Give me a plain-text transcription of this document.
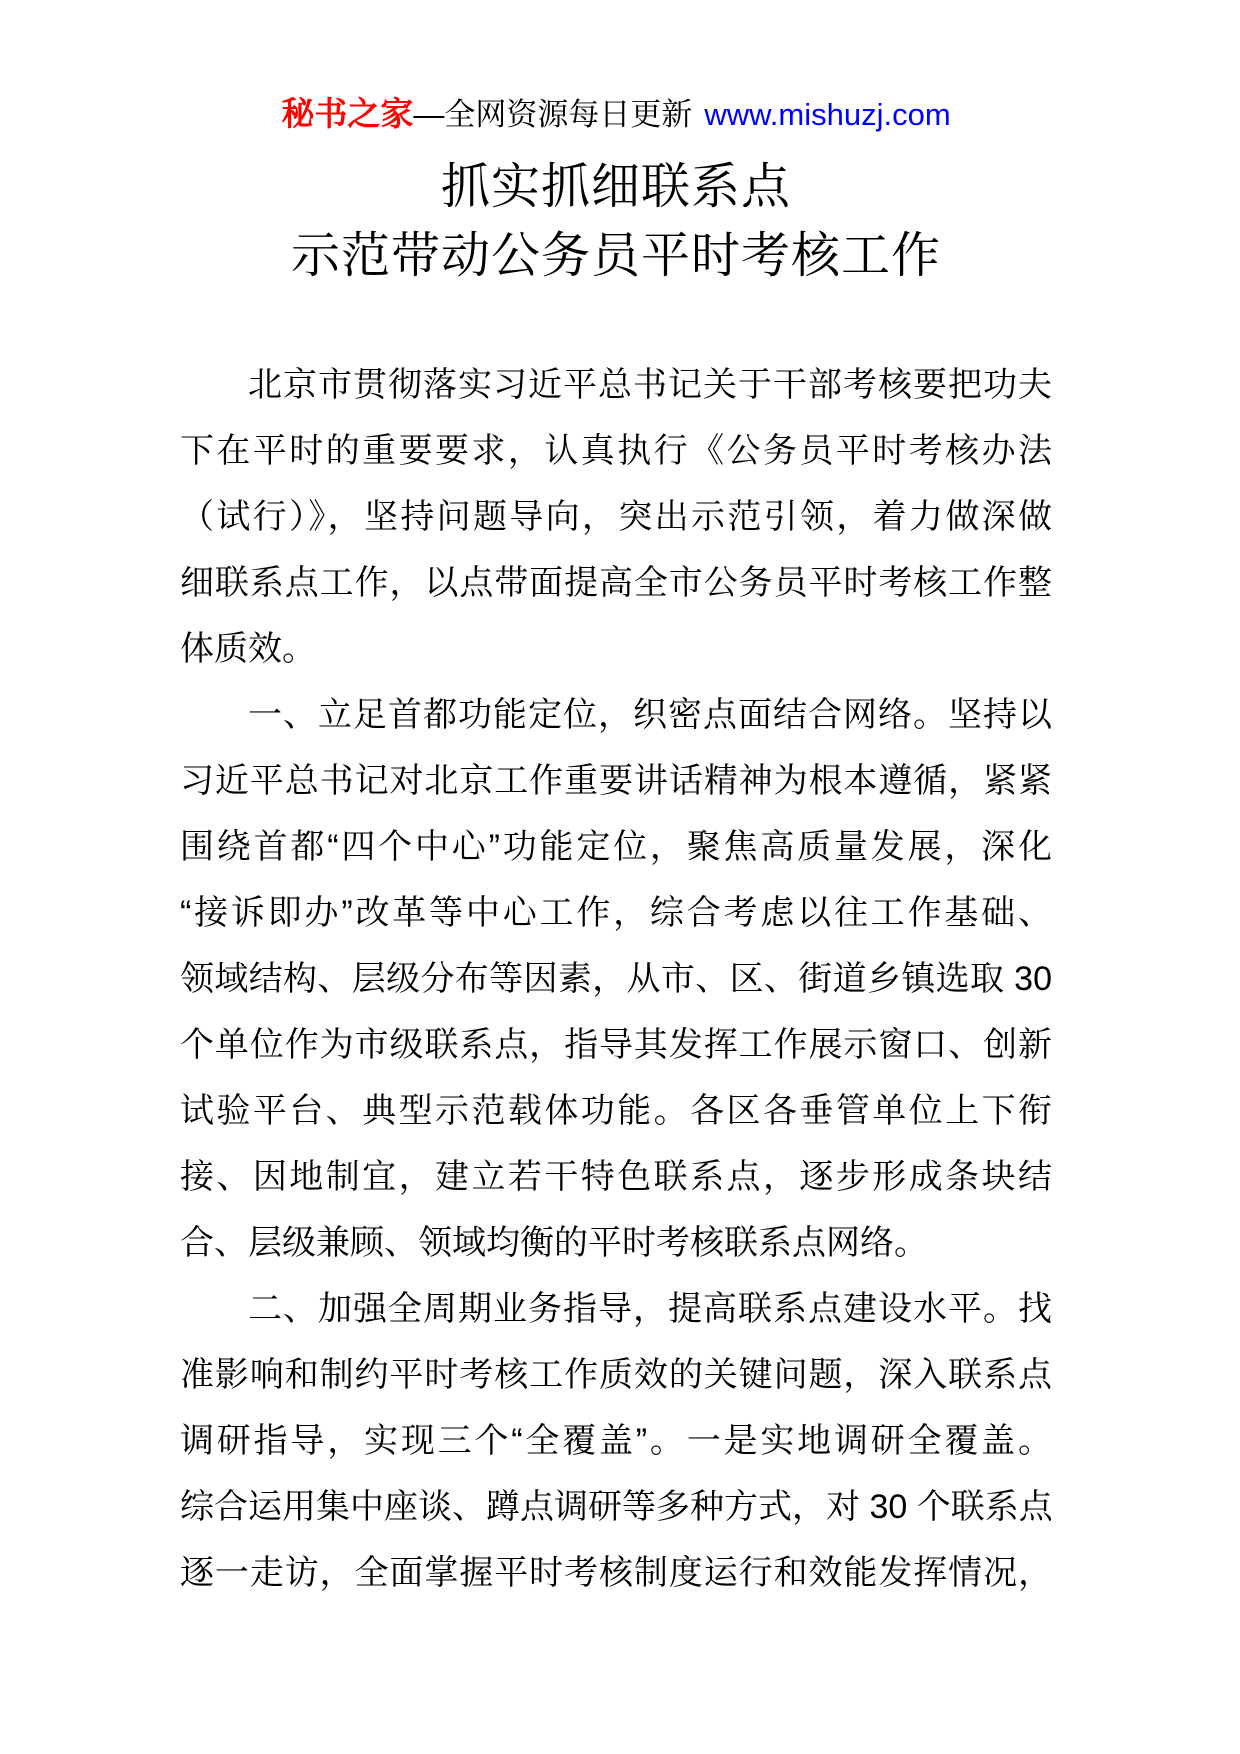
秘书之家—全网资源每日更新 www.mishuzj.com
抓实抓细联系点
示范带动公务员平时考核工作
北京市贯彻落实习近平总书记关于干部考核要把功夫
下在平时的重要要求，认真执行《公务员平时考核办法
（试行）》，坚持问题导向，突出示范引领，着力做深做
细联系点工作，以点带面提高全市公务员平时考核工作整
体质效。
一、立足首都功能定位，织密点面结合网络。坚持以
习近平总书记对北京工作重要讲话精神为根本遵循，紧紧
围绕首都“四个中心”功能定位，聚焦高质量发展，深化
“接诉即办”改革等中心工作，综合考虑以往工作基础、
领域结构、层级分布等因素，从市、区、街道乡镇选取 30
个单位作为市级联系点，指导其发挥工作展示窗口、创新
试验平台、典型示范载体功能。各区各垂管单位上下衔
接、因地制宜，建立若干特色联系点，逐步形成条块结
合、层级兼顾、领域均衡的平时考核联系点网络。
二、加强全周期业务指导，提高联系点建设水平。找
准影响和制约平时考核工作质效的关键问题，深入联系点
调研指导，实现三个“全覆盖”。一是实地调研全覆盖。
综合运用集中座谈、蹲点调研等多种方式，对 30 个联系点
逐一走访，全面掌握平时考核制度运行和效能发挥情况，
